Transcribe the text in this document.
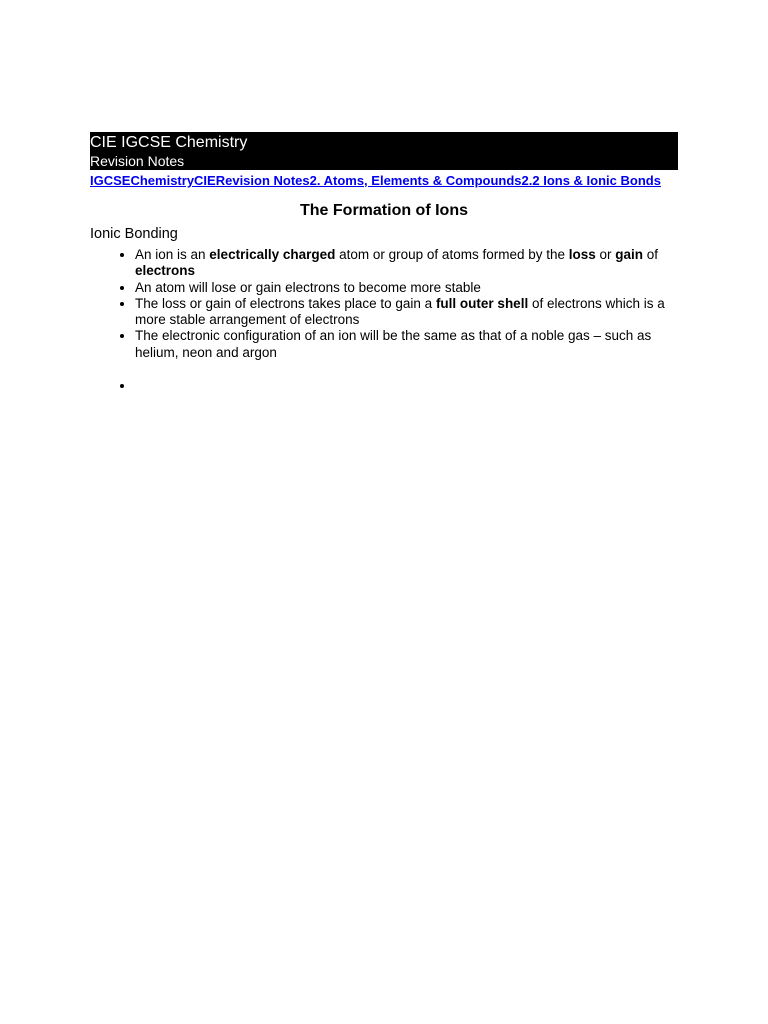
CIE IGCSE Chemistry
Revision Notes
IGCSEChemistryCIERevision Notes2. Atoms, Elements & Compounds2.2 Ions & Ionic Bonds
The Formation of Ions
Ionic Bonding
• An ion is an electrically charged atom or group of atoms formed by the loss or gain of electrons
• An atom will lose or gain electrons to become more stable
• The loss or gain of electrons takes place to gain a full outer shell of electrons which is a more stable arrangement of electrons
• The electronic configuration of an ion will be the same as that of a noble gas – such as helium, neon and argon
•
